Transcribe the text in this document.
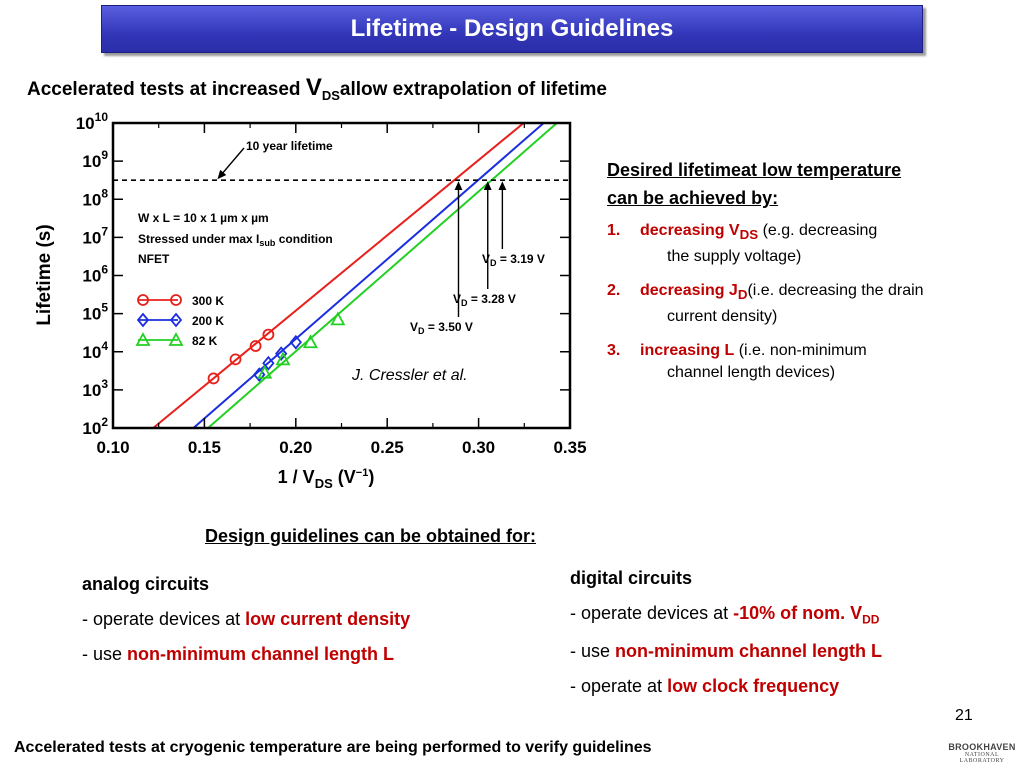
Lifetime - Design Guidelines
Accelerated tests at increased $V_{DS}allow$ extrapolation of lifetime
10 year lifetime
0.10	0.15	0.20	0.25	0.30	0.35
$10^{10}$
$10^9$
$10^8$
$10^7$
$10^6$
$10^5$
$10^4$
$10^3$
$10^2$
$1 / V_{DS}$ $(V^{-1})$
Lifetime (s)
W x L = 10 x 1 µm x µm
Stressed under $\max I_{sub}$ condition
NFET
300 K
200 K
82 K
$V_D = 3.19$ V
$V_D = 3.28$ V
$V_D = 3.50$ V
J. Cressler et al.
Desired lifetimeat low temperature
can be achieved by:
1. decreasing $V_{DS}$ (e.g. decreasing
the supply voltage)
2. decreasing $J_D(i.e$. decreasing the drain
current density)
3. increasing L (i.e. non-minimum
channel length devices)
Design guidelines can be obtained for:
analog circuits
- operate devices at low current density
- use non-minimum channel length L
digital circuits
- operate devices at -10% of nom. $V_{DD}$
- use non-minimum channel length L
- operate at low clock frequency
21
Accelerated tests at cryogenic temperature are being performed to verify guidelines	BROOKHAVEN
NATIONAL LABORATORY
